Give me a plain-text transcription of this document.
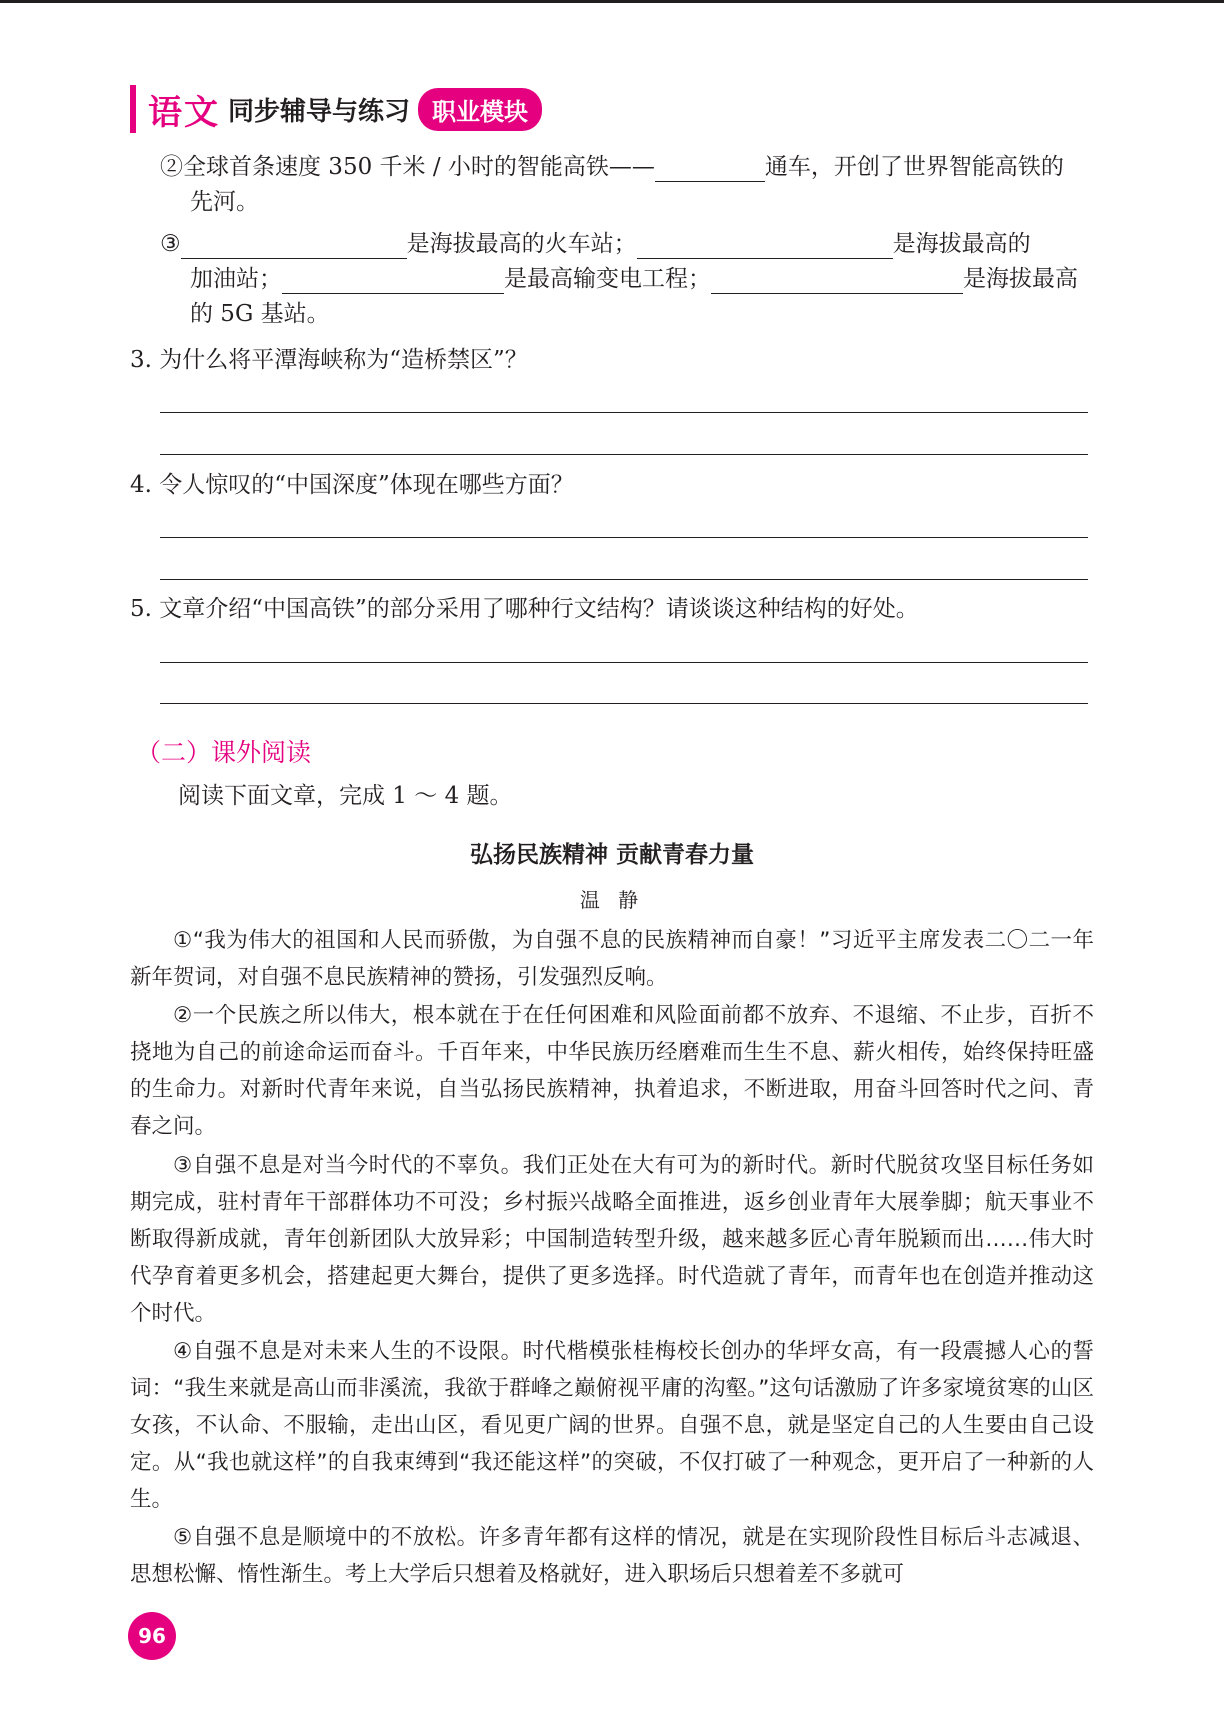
语文 同步辅导与练习 职业模块
②全球首条速度 350 千米 / 小时的智能高铁——	通车，开创了世界智能高铁的
先河。
③	是海拔最高的火车站；	是海拔最高的
加油站；	是最高输变电工程；	是海拔最高
的 5G 基站。
3. 为什么将平潭海峡称为“造桥禁区”？
4. 令人惊叹的“中国深度”体现在哪些方面？
5. 文章介绍“中国高铁”的部分采用了哪种行文结构？请谈谈这种结构的好处。
（二）课外阅读
阅读下面文章，完成 1 ～ 4 题。
弘扬民族精神 贡献青春力量
温 静
①“我为伟大的祖国和人民而骄傲，为自强不息的民族精神而自豪！”习近平主席发表二〇二一年新年贺词，对自强不息民族精神的赞扬，引发强烈反响。
②一个民族之所以伟大，根本就在于在任何困难和风险面前都不放弃、不退缩、不止步，百折不挠地为自己的前途命运而奋斗。千百年来，中华民族历经磨难而生生不息、薪火相传，始终保持旺盛的生命力。对新时代青年来说，自当弘扬民族精神，执着追求，不断进取，用奋斗回答时代之问、青春之问。
③自强不息是对当今时代的不辜负。我们正处在大有可为的新时代。新时代脱贫攻坚目标任务如期完成，驻村青年干部群体功不可没；乡村振兴战略全面推进，返乡创业青年大展拳脚；航天事业不断取得新成就，青年创新团队大放异彩；中国制造转型升级，越来越多匠心青年脱颖而出……伟大时代孕育着更多机会，搭建起更大舞台，提供了更多选择。时代造就了青年，而青年也在创造并推动这个时代。
④自强不息是对未来人生的不设限。时代楷模张桂梅校长创办的华坪女高，有一段震撼人心的誓词：“我生来就是高山而非溪流，我欲于群峰之巅俯视平庸的沟壑。”这句话激励了许多家境贫寒的山区女孩，不认命、不服输，走出山区，看见更广阔的世界。自强不息，就是坚定自己的人生要由自己设定。从“我也就这样”的自我束缚到“我还能这样”的突破，不仅打破了一种观念，更开启了一种新的人生。
⑤自强不息是顺境中的不放松。许多青年都有这样的情况，就是在实现阶段性目标后斗志减退、思想松懈、惰性渐生。考上大学后只想着及格就好，进入职场后只想着差不多就可
96
